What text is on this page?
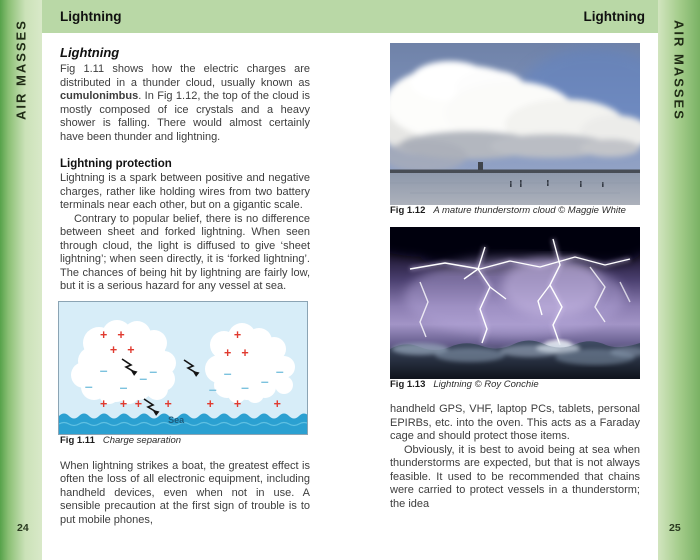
AIR MASSES
24
AIR MASSES
25
Lightning	Lightning
Lightning

Fig 1.11 shows how the electric charges are distributed in a thunder cloud, usually known as cumulonimbus. In Fig 1.12, the top of the cloud is mostly composed of ice crystals and a heavy shower is falling. There would almost certainly have been thunder and lightning.

Lightning protection

Lightning is a spark between positive and negative charges, rather like holding wires from two battery terminals near each other, but on a gigantic scale.

Contrary to popular belief, there is no difference between sheet and forked lightning. When seen through cloud, the light is diffused to give ‘sheet lightning’; when seen directly, it is ‘forked lightning’. The chances of being hit by lightning are fairly low, but it is a serious hazard for any vessel at sea.

+ +
+ +
+ + + +
+
+ +
+ +	+
–	–
– –
–	–	–
–
–
–
Sea

Fig 1.11 Charge separation

When lightning strikes a boat, the greatest effect is often the loss of all electronic equipment, including handheld devices, even when not in use. A sensible precaution at the first sign of trouble is to put mobile phones,

Fig 1.12 A mature thunderstorm cloud © Maggie White

Fig 1.13 Lightning © Roy Conchie

handheld GPS, VHF, laptop PCs, tablets, personal EPIRBs, etc. into the oven. This acts as a Faraday cage and should protect those items.

Obviously, it is best to avoid being at sea when thunderstorms are expected, but that is not always feasible. It used to be recommended that chains were carried to protect vessels in a thunderstorm; the idea
